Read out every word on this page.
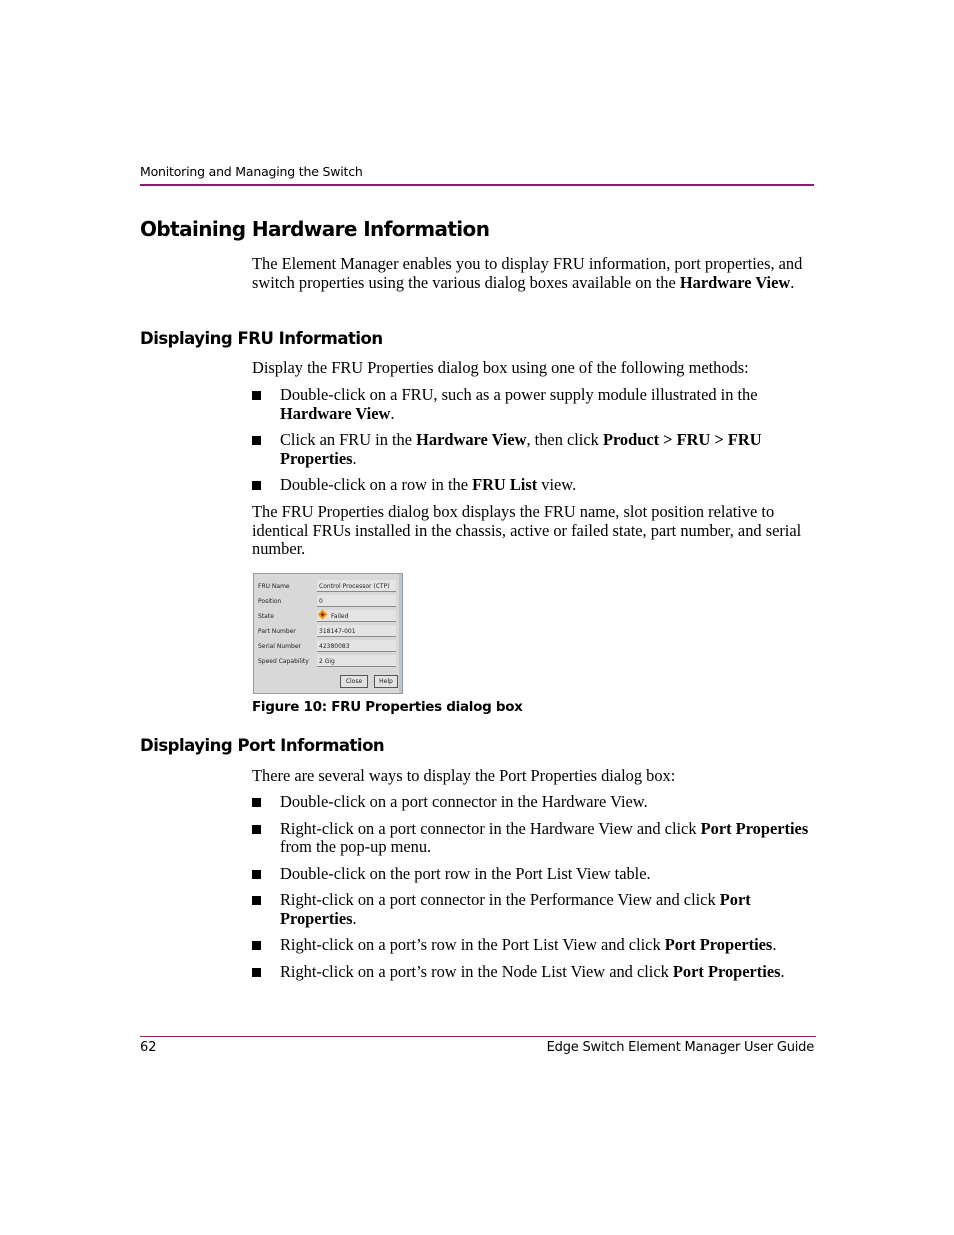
Monitoring and Managing the Switch
Obtaining Hardware Information

The Element Manager enables you to display FRU information, port properties, and switch properties using the various dialog boxes available on the Hardware View.

Displaying FRU Information

Display the FRU Properties dialog box using one of the following methods:

Double-click on a FRU, such as a power supply module illustrated in the Hardware View.
Click an FRU in the Hardware View, then click Product > FRU > FRU Properties.
Double-click on a row in the FRU List view.

The FRU Properties dialog box displays the FRU name, slot position relative to identical FRUs installed in the chassis, active or failed state, part number, and serial number.

FRU Name	Control Processor (CTP)
Position	0
State	Failed
Part Number	318147-001
Serial Number	42380083
Speed Capability 2 Gig
Close	Help
Figure 10: FRU Properties dialog box
Displaying Port Information

There are several ways to display the Port Properties dialog box:

Double-click on a port connector in the Hardware View.
Right-click on a port connector in the Hardware View and click Port Properties from the pop-up menu.
Double-click on the port row in the Port List View table.
Right-click on a port connector in the Performance View and click Port Properties.
Right-click on a port’s row in the Port List View and click Port Properties.
Right-click on a port’s row in the Node List View and click Port Properties.
62	Edge Switch Element Manager User Guide
